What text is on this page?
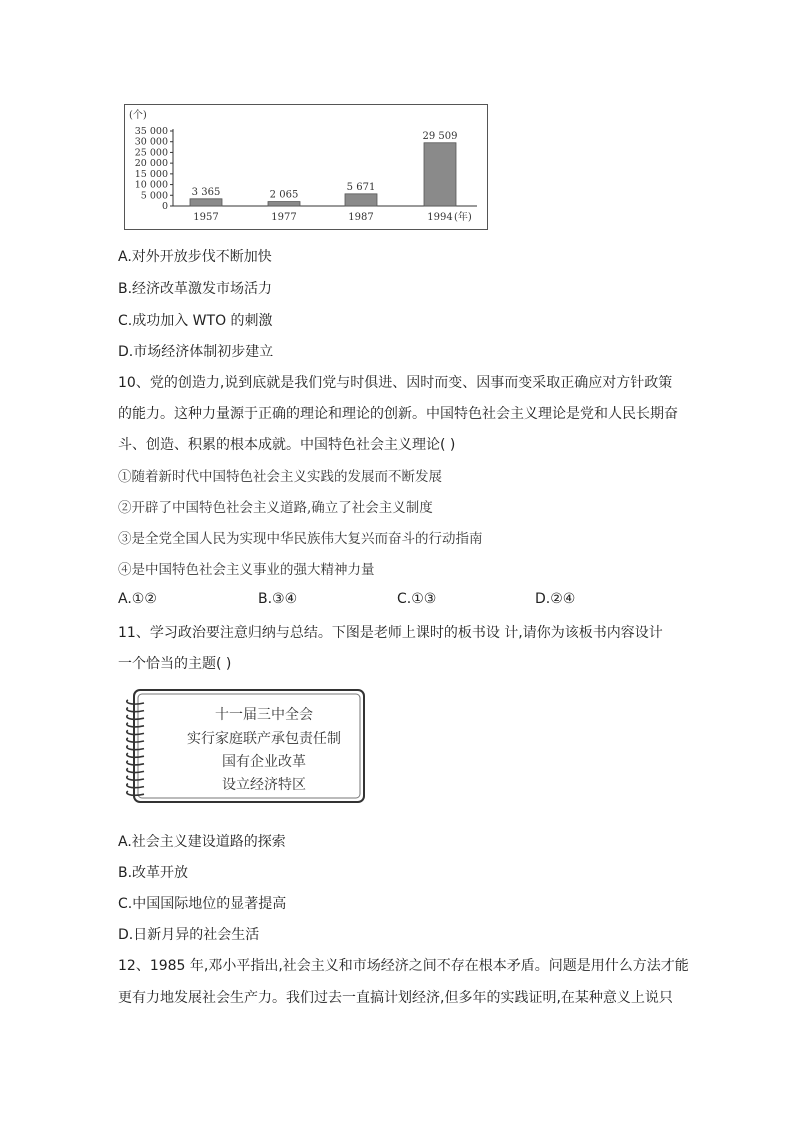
(个)
(年)
35 000
30 000
25 000
20 000
15 000
10 000
5 000
0
3 365
1957
2 065
1977
5 671
1987
29 509
1994
A.对外开放步伐不断加快
B.经济改革激发市场活力
C.成功加入 WTO 的刺激
D.市场经济体制初步建立
10、党的创造力,说到底就是我们党与时俱进、因时而变、因事而变采取正确应对方针政策
的能力。这种力量源于正确的理论和理论的创新。中国特色社会主义理论是党和人民长期奋
斗、创造、积累的根本成就。中国特色社会主义理论( )
①随着新时代中国特色社会主义实践的发展而不断发展
②开辟了中国特色社会主义道路,确立了社会主义制度
③是全党全国人民为实现中华民族伟大复兴而奋斗的行动指南
④是中国特色社会主义事业的强大精神力量
A.①②	B.③④	C.①③	D.②④
11、学习政治要注意归纳与总结。下图是老师上课时的板书设 计,请你为该板书内容设计
一个恰当的主题( )
十一届三中全会
实行家庭联产承包责任制
国有企业改革
设立经济特区
A.社会主义建设道路的探索
B.改革开放
C.中国国际地位的显著提高
D.日新月异的社会生活
12、1985 年,邓小平指出,社会主义和市场经济之间不存在根本矛盾。问题是用什么方法才能
更有力地发展社会生产力。我们过去一直搞计划经济,但多年的实践证明,在某种意义上说只
